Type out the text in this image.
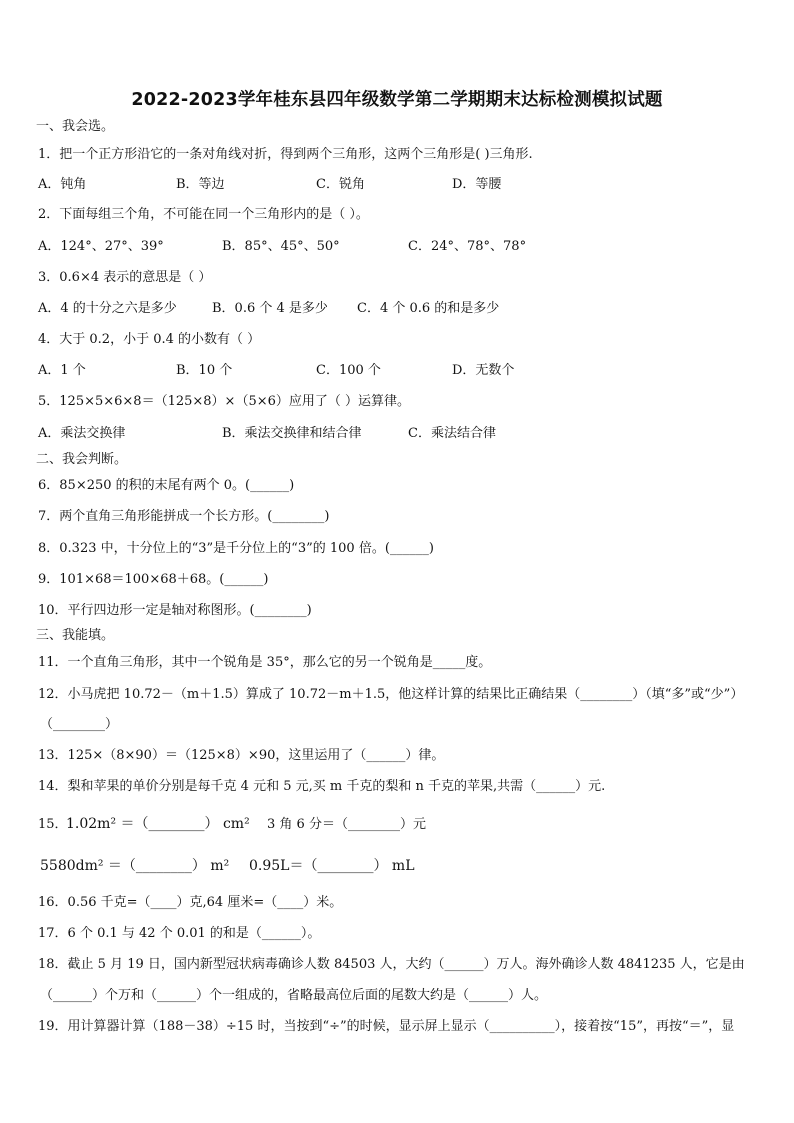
2022-2023学年桂东县四年级数学第二学期期末达标检测模拟试题
一、我会选。
1．把一个正方形沿它的一条对角线对折，得到两个三角形，这两个三角形是( )三角形.
A．钝角	B．等边	C．锐角	D．等腰
2．下面每组三个角，不可能在同一个三角形内的是（ ）。
A．124°、27°、39°	B．85°、45°、50°	C．24°、78°、78°
3．0.6×4 表示的意思是（ ）
A．4 的十分之六是多少	B．0.6 个 4 是多少 C．4 个 0.6 的和是多少
4．大于 0.2，小于 0.4 的小数有（ ）
A．1 个	B．10 个	C．100 个	D．无数个
5．125×5×6×8＝（125×8）×（5×6）应用了（ ）运算律。
A．乘法交换律	B．乘法交换律和结合律	C．乘法结合律
二、我会判断。
6．85×250 的积的末尾有两个 0。(______)
7．两个直角三角形能拼成一个长方形。(________)
8．0.323 中，十分位上的“3”是千分位上的“3”的 100 倍。(______)
9．101×68＝100×68＋68。(______)
10．平行四边形一定是轴对称图形。(________)
三、我能填。
11．一个直角三角形，其中一个锐角是 35°，那么它的另一个锐角是_____度。
12．小马虎把 10.72－（m＋1.5）算成了 10.72－m＋1.5，他这样计算的结果比正确结果（________）（填“多”或“少”）
（________）
13．125×（8×90）＝（125×8）×90，这里运用了（______）律。
14．梨和苹果的单价分别是每千克 4 元和 5 元,买 m 千克的梨和 n 千克的苹果,共需（______）元.
15．
1.02m² ＝（________） cm² 3 角 6 分＝（________）元
5580dm² ＝（________） m² 0.95L＝（________） mL
16．0.56 千克=（____）克,64 厘米=（____）米。
17．6 个 0.1 与 42 个 0.01 的和是（______）。
18．截止 5 月 19 日，国内新型冠状病毒确诊人数 84503 人，大约（______）万人。海外确诊人数 4841235 人，它是由
（______）个万和（______）个一组成的，省略最高位后面的尾数大约是（______）人。
19．用计算器计算（188－38）÷15 时，当按到“÷”的时候，显示屏上显示（__________），接着按“15”，再按“＝”，显
